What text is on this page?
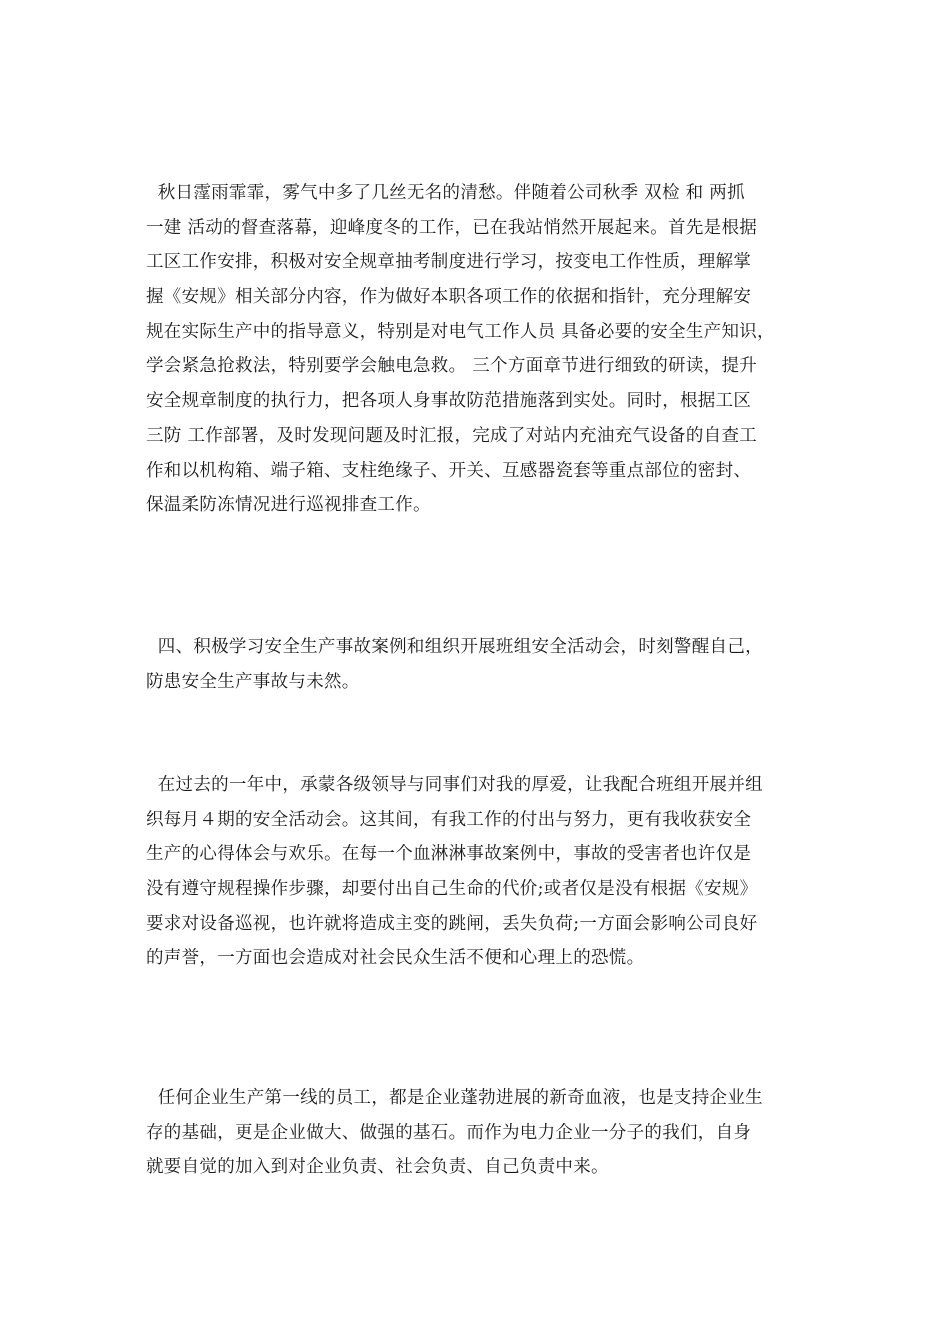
秋日霪雨霏霏，雾气中多了几丝无名的清愁。伴随着公司秋季 双检 和 两抓
一建 活动的督查落幕，迎峰度冬的工作，已在我站悄然开展起来。首先是根据
工区工作安排，积极对安全规章抽考制度进行学习，按变电工作性质，理解掌
握《安规》相关部分内容，作为做好本职各项工作的依据和指针，充分理解安
规在实际生产中的指导意义，特别是对电气工作人员 具备必要的安全生产知识，
学会紧急抢救法，特别要学会触电急救。 三个方面章节进行细致的研读，提升
安全规章制度的执行力，把各项人身事故防范措施落到实处。同时，根据工区
三防 工作部署，及时发现问题及时汇报，完成了对站内充油充气设备的自查工
作和以机构箱、端子箱、支柱绝缘子、开关、互感器瓷套等重点部位的密封、
保温柔防冻情况进行巡视排查工作。
四、积极学习安全生产事故案例和组织开展班组安全活动会，时刻警醒自己，
防患安全生产事故与未然。
在过去的一年中，承蒙各级领导与同事们对我的厚爱，让我配合班组开展并组
织每月４期的安全活动会。这其间，有我工作的付出与努力，更有我收获安全
生产的心得体会与欢乐。在每一个血淋淋事故案例中，事故的受害者也许仅是
没有遵守规程操作步骤，却要付出自己生命的代价;或者仅是没有根据《安规》
要求对设备巡视，也许就将造成主变的跳闸，丢失负荷;一方面会影响公司良好
的声誉，一方面也会造成对社会民众生活不便和心理上的恐慌。
任何企业生产第一线的员工，都是企业蓬勃进展的新奇血液，也是支持企业生
存的基础，更是企业做大、做强的基石。而作为电力企业一分子的我们，自身
就要自觉的加入到对企业负责、社会负责、自己负责中来。
